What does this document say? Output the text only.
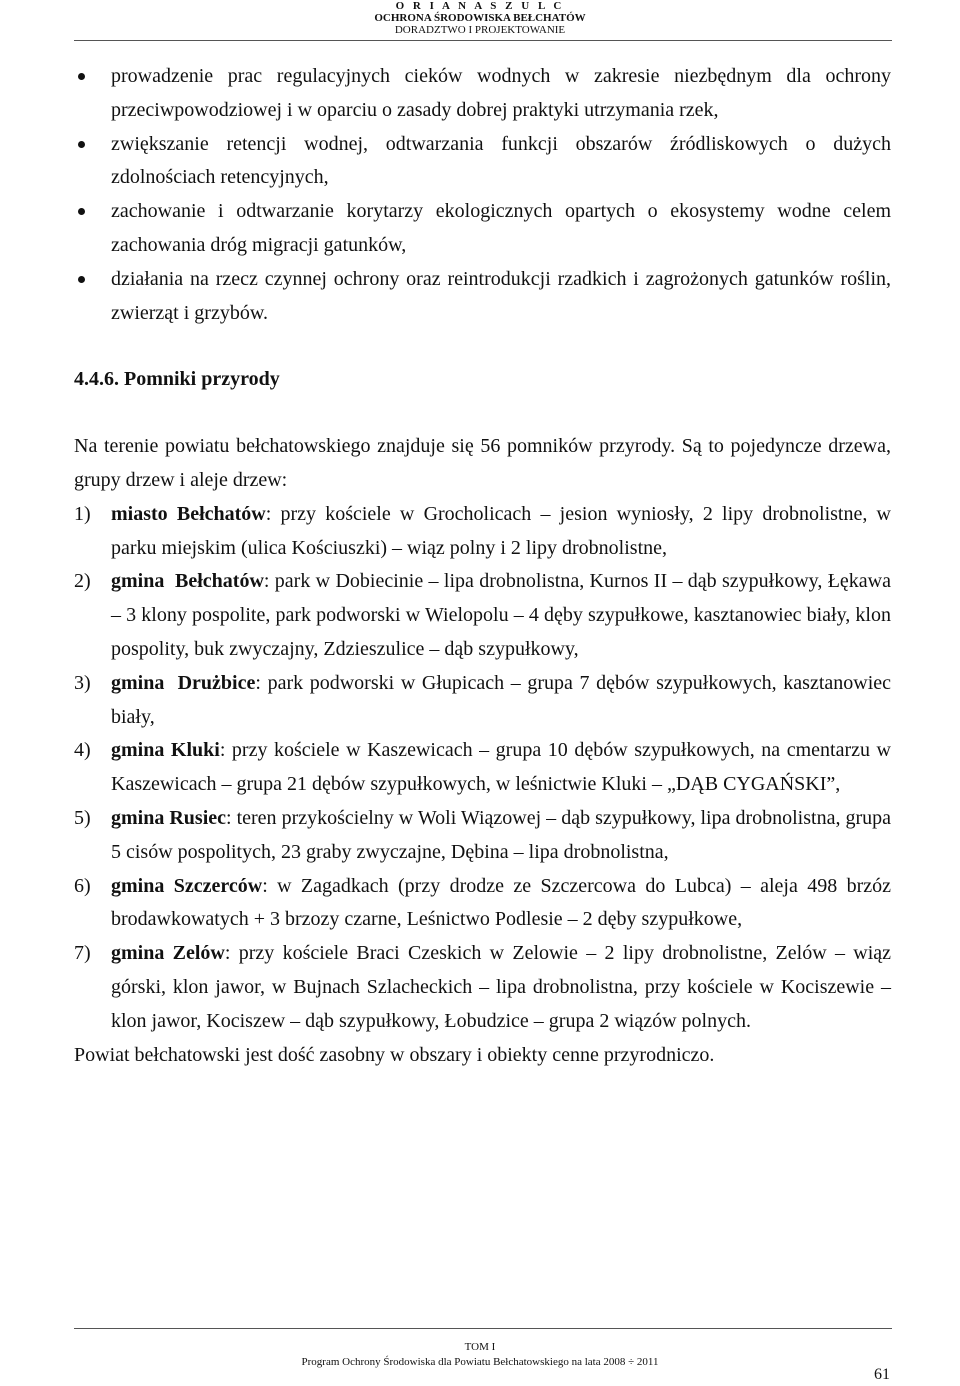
O R I A N A S Z U L C
OCHRONA ŚRODOWISKA BEŁCHATÓW
DORADZTWO I PROJEKTOWANIE
prowadzenie prac regulacyjnych cieków wodnych w zakresie niezbędnym dla ochrony przeciwpowodziowej i w oparciu o zasady dobrej praktyki utrzymania rzek,
zwiększanie retencji wodnej, odtwarzania funkcji obszarów źródliskowych o dużych zdolnościach retencyjnych,
zachowanie i odtwarzanie korytarzy ekologicznych opartych o ekosystemy wodne celem zachowania dróg migracji gatunków,
działania na rzecz czynnej ochrony oraz reintrodukcji rzadkich i zagrożonych gatunków roślin, zwierząt i grzybów.
4.4.6. Pomniki przyrody
Na terenie powiatu bełchatowskiego znajduje się 56 pomników przyrody. Są to pojedyncze drzewa, grupy drzew i aleje drzew:
1) miasto Bełchatów: przy kościele w Grocholicach – jesion wyniosły, 2 lipy drobnolistne, w parku miejskim (ulica Kościuszki) – wiąz polny i 2 lipy drobnolistne,
2) gmina  Bełchatów: park w Dobiecinie – lipa drobnolistna, Kurnos II – dąb szypułkowy, Łękawa – 3 klony pospolite, park podworski w Wielopolu – 4 dęby szypułkowe, kasztanowiec biały, klon pospolity, buk zwyczajny, Zdzieszulice – dąb szypułkowy,
3) gmina  Drużbice: park podworski w Głupicach – grupa 7 dębów szypułkowych, kasztanowiec biały,
4) gmina Kluki: przy kościele w Kaszewicach – grupa 10 dębów szypułkowych, na cmentarzu w Kaszewicach – grupa 21 dębów szypułkowych, w leśnictwie Kluki – „DĄB CYGAŃSKI”,
5) gmina Rusiec: teren przykościelny w Woli Wiązowej – dąb szypułkowy, lipa drobnolistna, grupa 5 cisów pospolitych, 23 graby zwyczajne, Dębina – lipa drobnolistna,
6) gmina Szczerców: w Zagadkach (przy drodze ze Szczercowa do Lubca) – aleja 498 brzóz brodawkowatych + 3 brzozy czarne, Leśnictwo Podlesie – 2 dęby szypułkowe,
7) gmina Zelów: przy kościele Braci Czeskich w Zelowie – 2 lipy drobnolistne, Zelów – wiąz górski, klon jawor, w Bujnach Szlacheckich – lipa drobnolistna, przy kościele w Kociszewie – klon jawor, Kociszew – dąb szypułkowy, Łobudzice – grupa 2 wiązów polnych.
Powiat bełchatowski jest dość zasobny w obszary i obiekty cenne przyrodniczo.
TOM I
Program Ochrony Środowiska dla Powiatu Bełchatowskiego na lata 2008 ÷ 2011
61
